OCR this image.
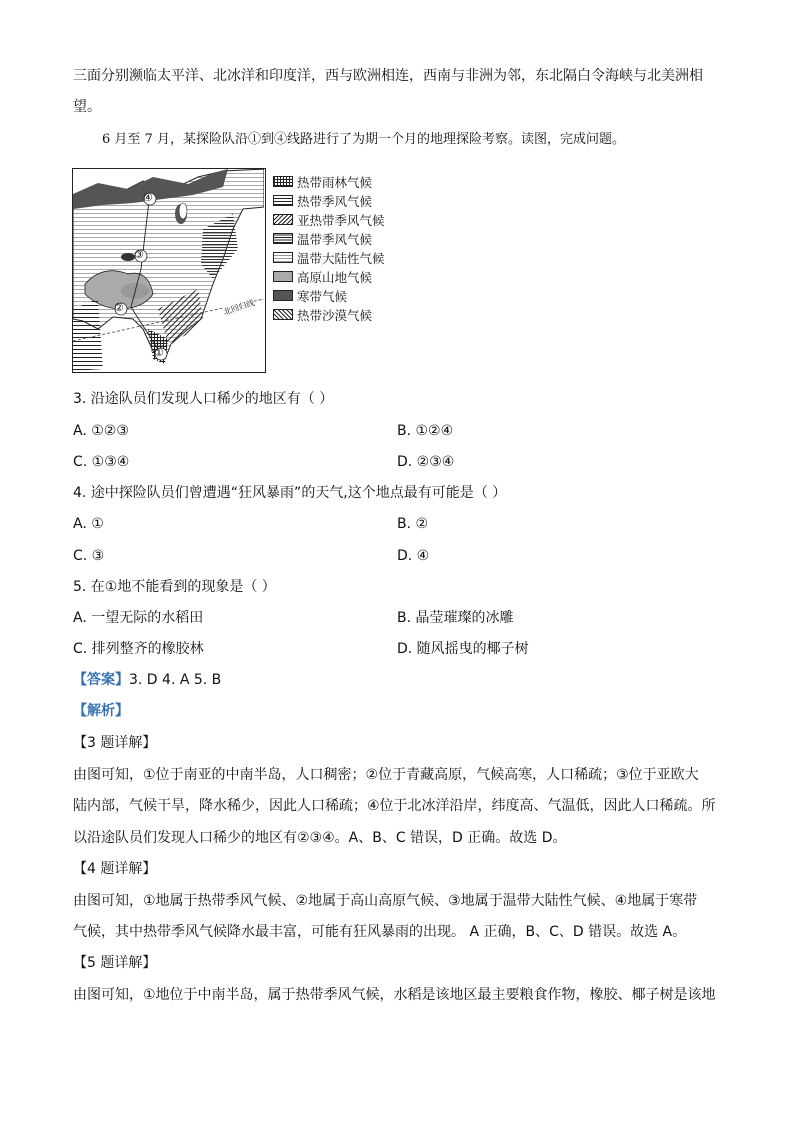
三面分别濒临太平洋、北冰洋和印度洋，西与欧洲相连，西南与非洲为邻，东北隔白令海峡与北美洲相
望。
6 月至 7 月，某探险队沿①到④线路进行了为期一个月的地理探险考察。读图，完成问题。
①
②
③
④
北回归线
热带雨林气候
热带季风气候
亚热带季风气候
温带季风气候
温带大陆性气候
高原山地气候
寒带气候
热带沙漠气候
3. 沿途队员们发现人口稀少的地区有（ ）
A. ①②③	B. ①②④
C. ①③④	D. ②③④
4. 途中探险队员们曾遭遇“狂风暴雨”的天气,这个地点最有可能是（ ）
A. ①	B. ②
C. ③	D. ④
5. 在①地不能看到的现象是（ ）
A. 一望无际的水稻田	B. 晶莹璀璨的冰雕
C. 排列整齐的橡胶林	D. 随风摇曳的椰子树
【答案】3. D 4. A 5. B
【解析】
【3 题详解】
由图可知，①位于南亚的中南半岛，人口稠密；②位于青藏高原，气候高寒，人口稀疏；③位于亚欧大
陆内部，气候干旱，降水稀少，因此人口稀疏；④位于北冰洋沿岸，纬度高、气温低，因此人口稀疏。所
以沿途队员们发现人口稀少的地区有②③④。A、B、C 错误，D 正确。故选 D。
【4 题详解】
由图可知，①地属于热带季风气候、②地属于高山高原气候、③地属于温带大陆性气候、④地属于寒带
气候，其中热带季风气候降水最丰富，可能有狂风暴雨的出现。 A 正确，B、C、D 错误。故选 A。
【5 题详解】
由图可知，①地位于中南半岛，属于热带季风气候，水稻是该地区最主要粮食作物，橡胶、椰子树是该地
